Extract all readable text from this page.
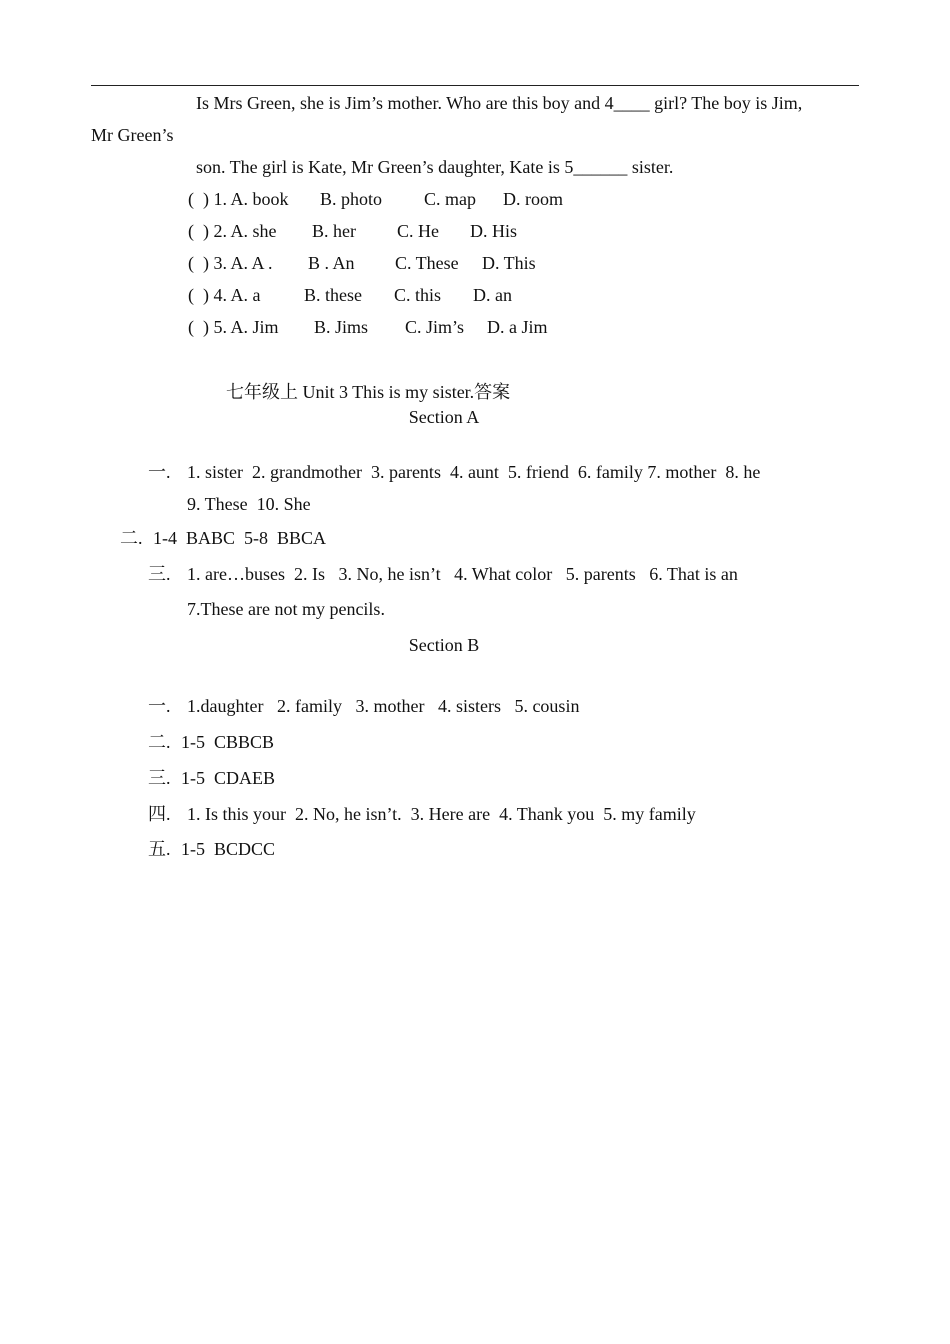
Is Mrs Green, she is Jim’s mother. Who are this boy and 4____ girl? The boy is Jim,
Mr Green’s
son. The girl is Kate, Mr Green’s daughter, Kate is 5______ sister.

(  ) 1. A. book

B. photo

C. map

D. room

(  ) 2. A. she

B. her

C. He

D. His

(  ) 3. A. A .

B . An

C. These

D. This

(  ) 4. A. a

B. these

C. this

D. an

(  ) 5. A. Jim

B. Jims

C. Jim’s

D. a Jim

七年级上 Unit 3 This is my sister.答案
Section A
一. 1. sister  2. grandmother  3. parents  4. aunt  5. friend  6. family 7. mother  8. he
9. These  10. She
二. 1-4  BABC  5-8  BBCA
三. 1. are…buses  2. Is   3. No, he isn’t   4. What color   5. parents   6. That is an
7.These are not my pencils.
Section B
一. 1.daughter   2. family   3. mother   4. sisters   5. cousin
二. 1-5  CBBCB
三. 1-5  CDAEB
四. 1. Is this your  2. No, he isn’t.  3. Here are  4. Thank you  5. my family
五. 1-5  BCDCC
